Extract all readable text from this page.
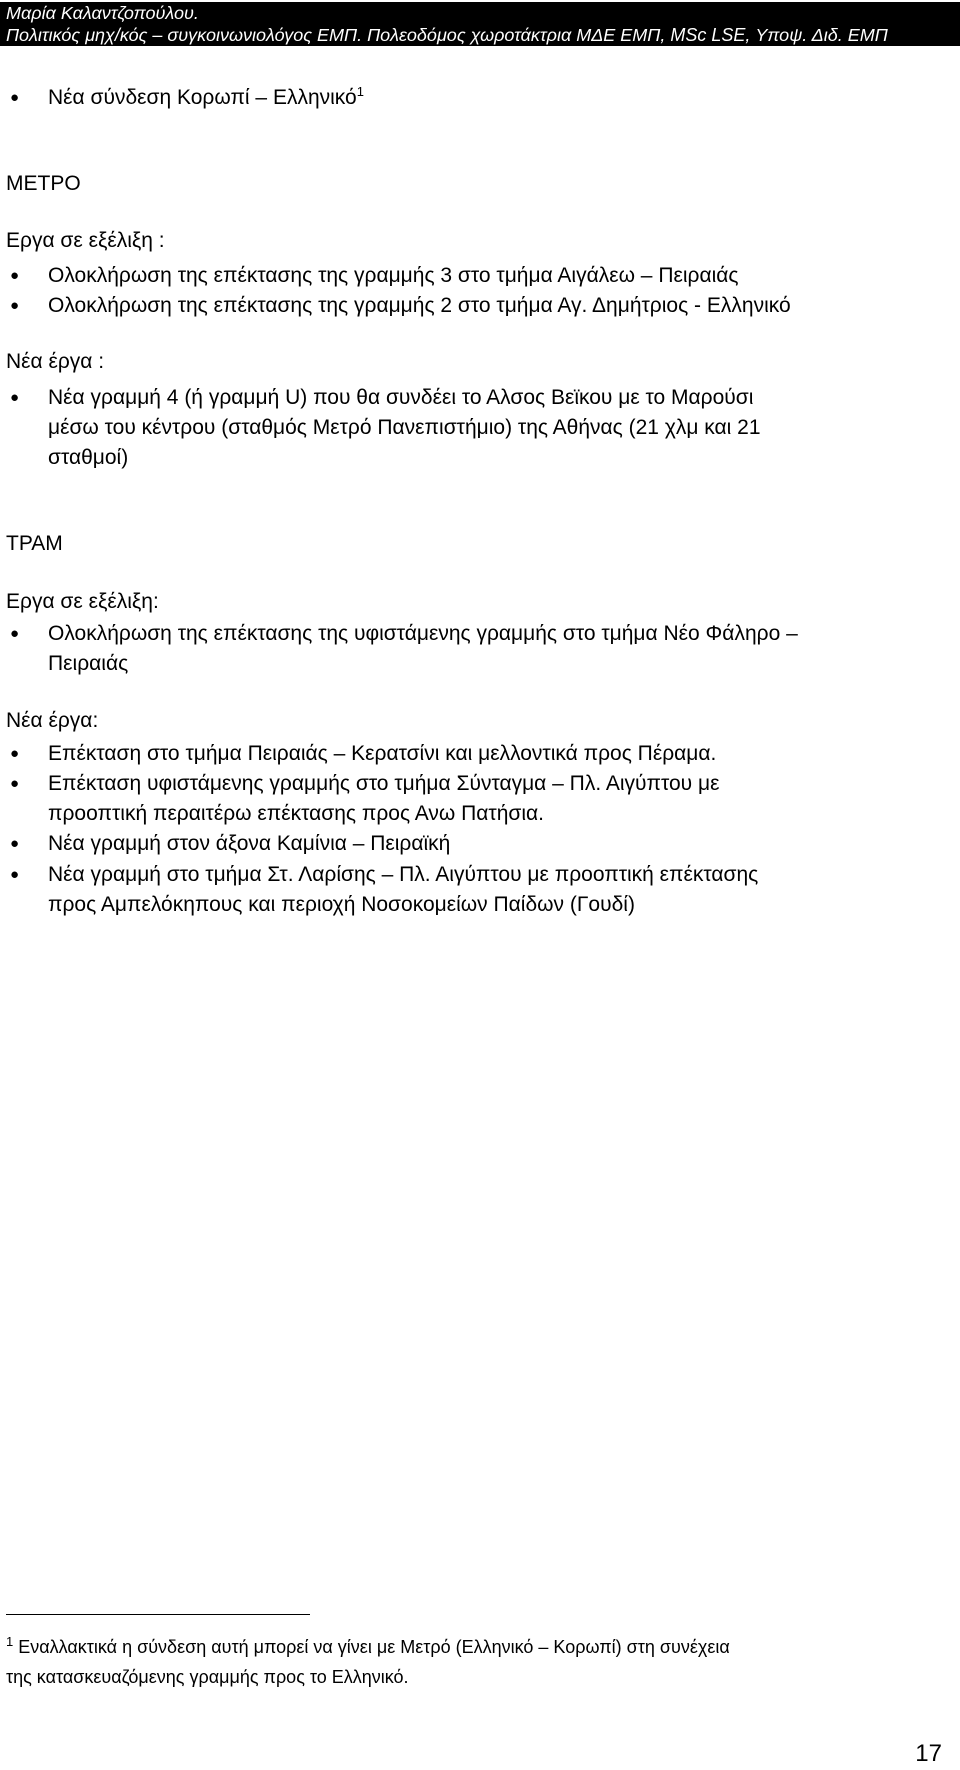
Μαρία Καλαντζοπούλου.
Πολιτικός μηχ/κός – συγκοινωνιολόγος ΕΜΠ. Πολεοδόμος χωροτάκτρια ΜΔΕ ΕΜΠ, MSc LSE, Υποψ. Διδ. ΕΜΠ
● Νέα σύνδεση Κορωπί – Ελληνικό$^1$
ΜΕΤΡΟ
Εργα σε εξέλιξη :
● Ολοκλήρωση της επέκτασης της γραμμής 3 στο τμήμα Αιγάλεω – Πειραιάς
● Ολοκλήρωση της επέκτασης της γραμμής 2 στο τμήμα Αγ. Δημήτριος - Ελληνικό
Νέα έργα :
● Νέα γραμμή 4 (ή γραμμή U) που θα συνδέει το Αλσος Βεϊκου με το Μαρούσι
μέσω του κέντρου (σταθμός Μετρό Πανεπιστήμιο) της Αθήνας (21 χλμ και 21
σταθμοί)
ΤΡΑΜ
Εργα σε εξέλιξη:
● Ολοκλήρωση της επέκτασης της υφιστάμενης γραμμής στο τμήμα Νέο Φάληρο –
Πειραιάς
Νέα έργα:
● Επέκταση στο τμήμα Πειραιάς – Κερατσίνι και μελλοντικά προς Πέραμα.
● Επέκταση υφιστάμενης γραμμής στο τμήμα Σύνταγμα – Πλ. Αιγύπτου με
προοπτική περαιτέρω επέκτασης προς Ανω Πατήσια.
● Νέα γραμμή στον άξονα Καμίνια – Πειραϊκή
● Νέα γραμμή στο τμήμα Στ. Λαρίσης – Πλ. Αιγύπτου με προοπτική επέκτασης
προς Αμπελόκηπους και περιοχή Νοσοκομείων Παίδων (Γουδί)
$^1$ Εναλλακτικά η σύνδεση αυτή μπορεί να γίνει με Μετρό (Ελληνικό – Κορωπί) στη συνέχεια
της κατασκευαζόμενης γραμμής προς το Ελληνικό.
17
